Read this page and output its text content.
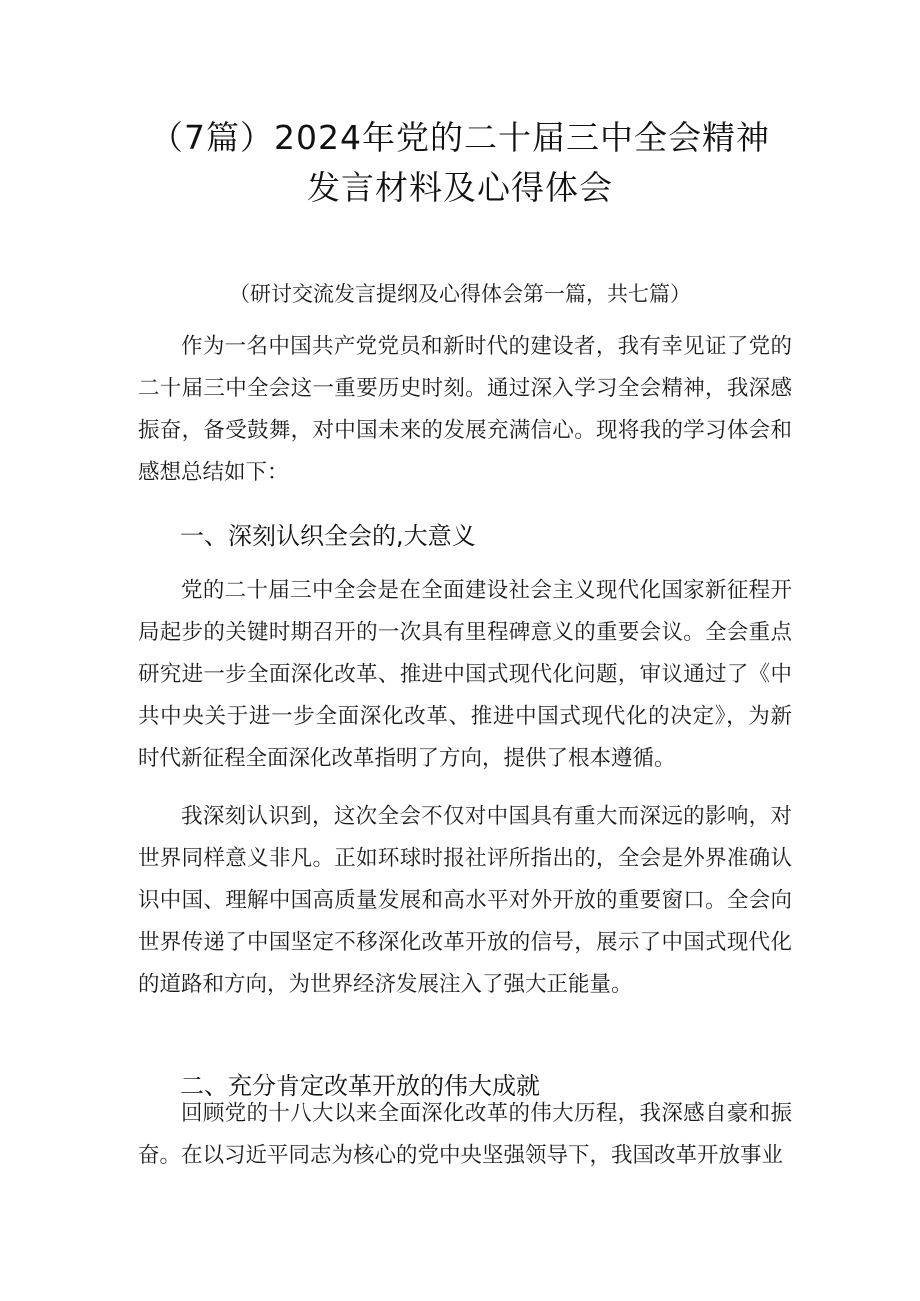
（7篇）2024年党的二十届三中全会精神
发言材料及心得体会
（研讨交流发言提纲及心得体会第一篇，共七篇）

作为一名中国共产党党员和新时代的建设者，我有幸见证了党的二十届三中全会这一重要历史时刻。通过深入学习全会精神，我深感振奋，备受鼓舞，对中国未来的发展充满信心。现将我的学习体会和感想总结如下：

一、深刻认织全会的,大意义

党的二十届三中全会是在全面建设社会主义现代化国家新征程开局起步的关键时期召开的一次具有里程碑意义的重要会议。全会重点研究进一步全面深化改革、推进中国式现代化问题，审议通过了《中共中央关于进一步全面深化改革、推进中国式现代化的决定》，为新时代新征程全面深化改革指明了方向，提供了根本遵循。

我深刻认识到，这次全会不仅对中国具有重大而深远的影响，对世界同样意义非凡。正如环球时报社评所指出的，全会是外界准确认识中国、理解中国高质量发展和高水平对外开放的重要窗口。全会向世界传递了中国坚定不移深化改革开放的信号，展示了中国式现代化的道路和方向，为世界经济发展注入了强大正能量。

二、充分肯定改革开放的伟大成就

回顾党的十八大以来全面深化改革的伟大历程，我深感自豪和振奋。在以习近平同志为核心的党中央坚强领导下，我国改革开放事业
